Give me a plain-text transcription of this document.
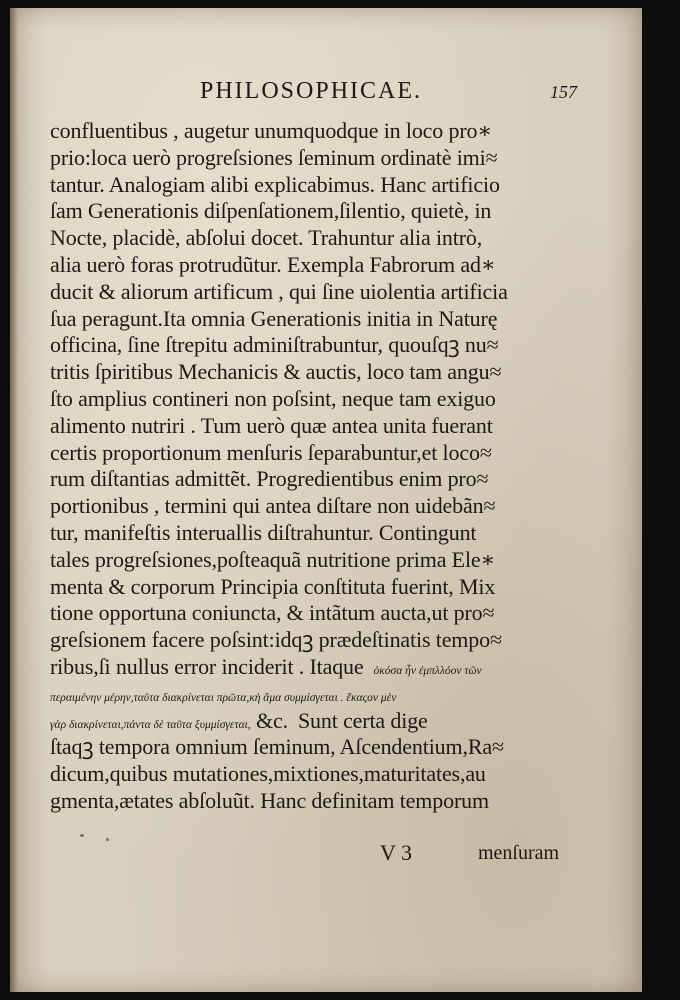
PHILOSOPHICAE.	157
confluentibus , augetur unumquodque in loco pro∗
prio:loca uerò progreſsiones ſeminum ordinatè imi≈
tantur. Analogiam alibi explicabimus. Hanc artificio
ſam Generationis diſpenſationem,ſilentio, quietè, in
Nocte, placidè, abſolui docet. Trahuntur alia intrò,
alia uerò foras protrudũtur. Exempla Fabrorum ad∗
ducit & aliorum artificum , qui ſine uiolentia artificia
ſua peragunt.Ita omnia Generationis initia in Naturę
officina, ſine ſtrepitu adminiſtrabuntur, quouſqꝫ nu≈
tritis ſpiritibus Mechanicis & auctis, loco tam angu≈
ſto amplius contineri non poſsint, neque tam exiguo
alimento nutriri . Tum uerò quæ antea unita fuerant
certis proportionum menſuris ſeparabuntur,et loco≈
rum diſtantias admittẽt. Progredientibus enim pro≈
portionibus , termini qui antea diſtare non uidebãn≈
tur, manifeſtis interuallis diſtrahuntur. Contingunt
tales progreſsiones,poſteaquã nutritione prima Ele∗
menta & corporum Principia conſtituta fuerint, Mix
tione opportuna coniuncta, & intãtum aucta,ut pro≈
greſsionem facere poſsint:idqꝫ prædeſtinatis tempo≈
ribus,ſi nullus error inciderit . Itaque ὁκόσα ἦν ἐμπλλόον τῶν
περαιμένην μέρην,ταῦτα διακρίνεται πρῶτα,κὴ ἅμα συμμίσγεται . ἕκαςον μὲν
γὰρ διακρίνεται,πάντα δὲ ταῦτα ξυμμίσγεται, &c. Sunt certa dige
ſtaqꝫ tempora omnium ſeminum, Aſcendentium,Ra≈
dicum,quibus mutationes,mixtiones,maturitates,au
gmenta,ætates abſoluũt. Hanc definitam temporum
V 3	menſuram
